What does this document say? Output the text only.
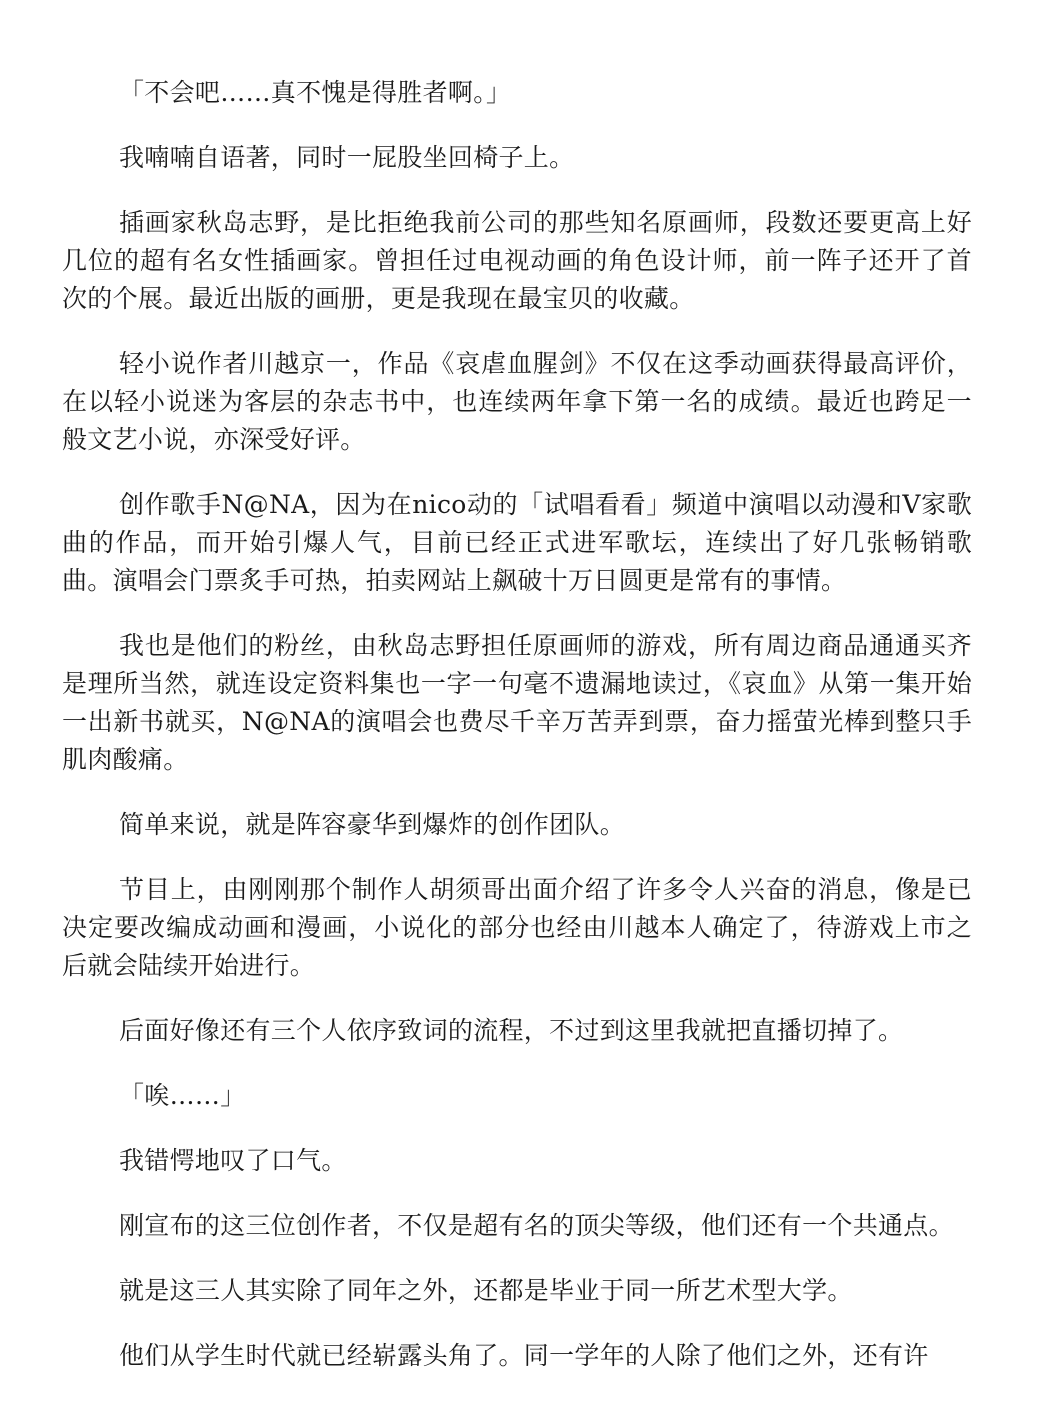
「不会吧……真不愧是得胜者啊。」

我喃喃自语著，同时一屁股坐回椅子上。

插画家秋岛志野，是比拒绝我前公司的那些知名原画师，段数还要更高上好几位的超有名女性插画家。曾担任过电视动画的角色设计师，前一阵子还开了首次的个展。最近出版的画册，更是我现在最宝贝的收藏。

轻小说作者川越京一，作品《哀虐血腥剑》不仅在这季动画获得最高评价，在以轻小说迷为客层的杂志书中，也连续两年拿下第一名的成绩。最近也跨足一般文艺小说，亦深受好评。

创作歌手N@NA，因为在nico动的「试唱看看」频道中演唱以动漫和V家歌曲的作品，而开始引爆人气，目前已经正式进军歌坛，连续出了好几张畅销歌曲。演唱会门票炙手可热，拍卖网站上飙破十万日圆更是常有的事情。

我也是他们的粉丝，由秋岛志野担任原画师的游戏，所有周边商品通通买齐是理所当然，就连设定资料集也一字一句毫不遗漏地读过，《哀血》从第一集开始一出新书就买，N@NA的演唱会也费尽千辛万苦弄到票，奋力摇萤光棒到整只手肌肉酸痛。

简单来说，就是阵容豪华到爆炸的创作团队。

节目上，由刚刚那个制作人胡须哥出面介绍了许多令人兴奋的消息，像是已决定要改编成动画和漫画，小说化的部分也经由川越本人确定了，待游戏上市之后就会陆续开始进行。

后面好像还有三个人依序致词的流程，不过到这里我就把直播切掉了。

「唉……」

我错愕地叹了口气。

刚宣布的这三位创作者，不仅是超有名的顶尖等级，他们还有一个共通点。

就是这三人其实除了同年之外，还都是毕业于同一所艺术型大学。

他们从学生时代就已经崭露头角了。同一学年的人除了他们之外，还有许
